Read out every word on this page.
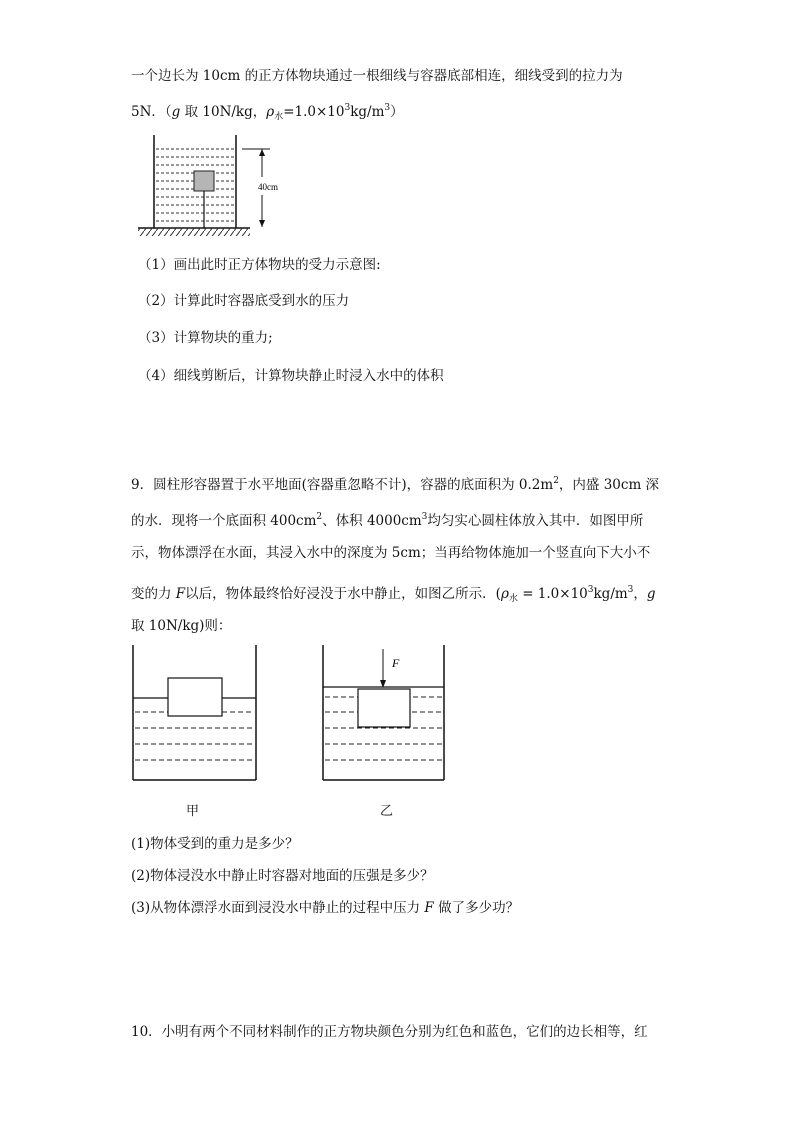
一个边长为 10cm 的正方体物块通过一根细线与容器底部相连，细线受到的拉力为
5N．（g 取 10N/kg，$\rho_水=1.0\times 10^3kg/m^3$）
40cm
（1）画出此时正方体物块的受力示意图:
（2）计算此时容器底受到水的压力
（3）计算物块的重力;
（4）细线剪断后，计算物块静止时浸入水中的体积
9．圆柱形容器置于水平地面(容器重忽略不计)，容器的底面积为 $0.2m^2$，内盛 30cm 深
的水．现将一个底面积 $400cm^2$、体积 $4000cm^3$均匀实心圆柱体放入其中．如图甲所
示，物体漂浮在水面，其浸入水中的深度为 5cm；当再给物体施加一个竖直向下大小不
变的力 F以后，物体最终恰好浸没于水中静止，如图乙所示．($\rho_水 = 1.0\times 10^3kg/m^3$，g
取 10N/kg)则：
甲
F
乙
(1)物体受到的重力是多少？
(2)物体浸没水中静止时容器对地面的压强是多少？
(3)从物体漂浮水面到浸没水中静止的过程中压力 F 做了多少功？
10．小明有两个不同材料制作的正方物块颜色分别为红色和蓝色，它们的边长相等，红
